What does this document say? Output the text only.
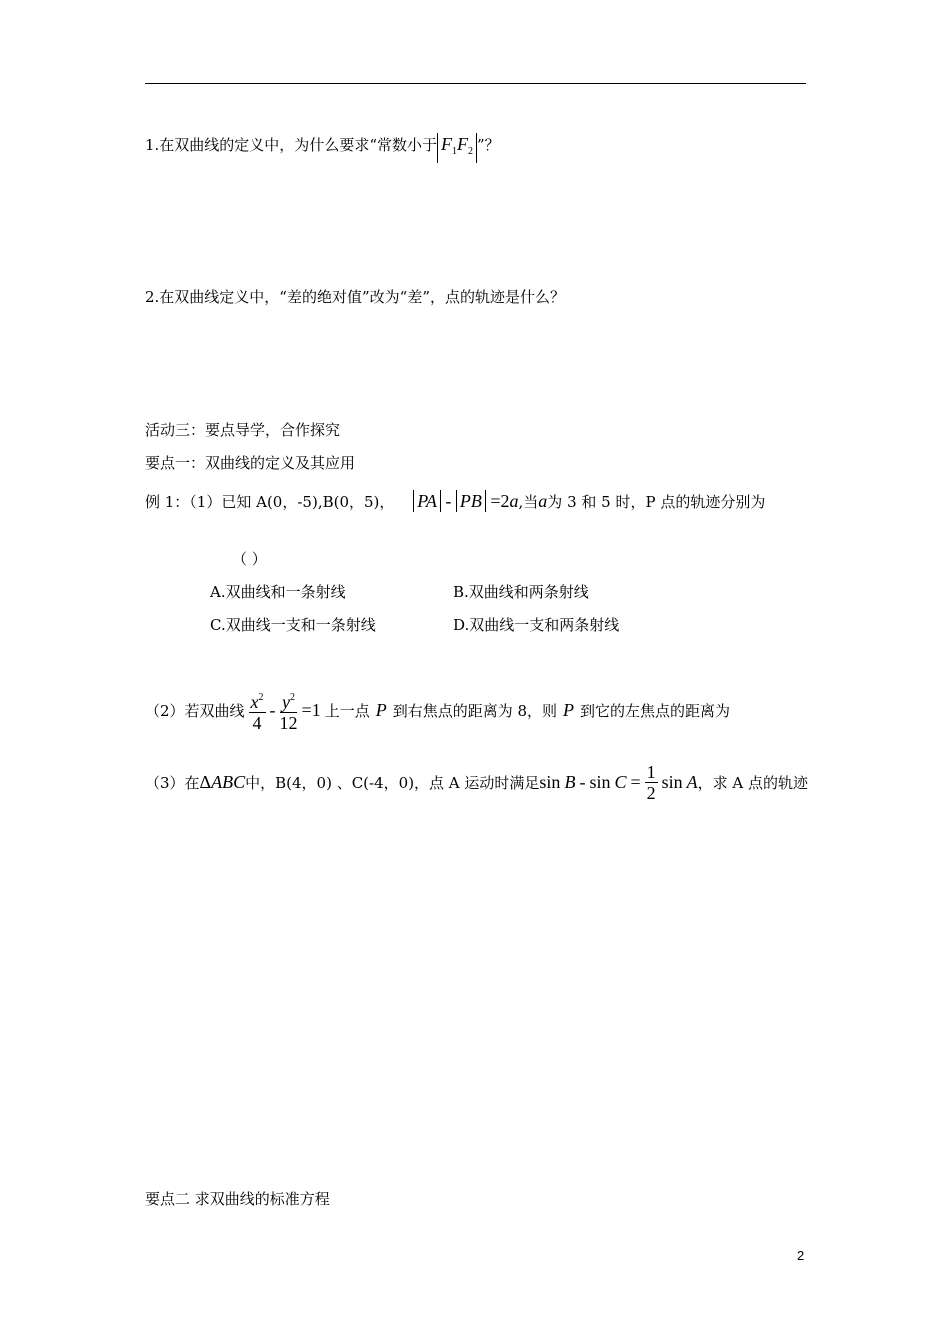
1.在双曲线的定义中，为什么要求“常数小于 $F_1F_2$ ”？
2.在双曲线定义中，“差的绝对值”改为“差”，点的轨迹是什么？
活动三：要点导学，合作探究
要点一：双曲线的定义及其应用
例 1：（1）已知 A(0，-5),B(0，5)， PA - PB =2a,当a为 3 和 5 时，P 点的轨迹分别为
（ ）
A.双曲线和一条射线	B.双曲线和两条射线
C.双曲线一支和一条射线	D.双曲线一支和两条射线
（2）若双曲线 $\frac{x^2}{4} - \frac{y^2}{12} =1$ 上一点 P 到右焦点的距离为 8，则 P 到它的左焦点的距离为
（3）在 ΔABC 中，B(4，0) 、C(-4，0)，点 A 运动时满足 $\sin B - \sin C = \frac{1}{2}$ sin A ，求 A 点的轨迹
要点二 求双曲线的标准方程
2
